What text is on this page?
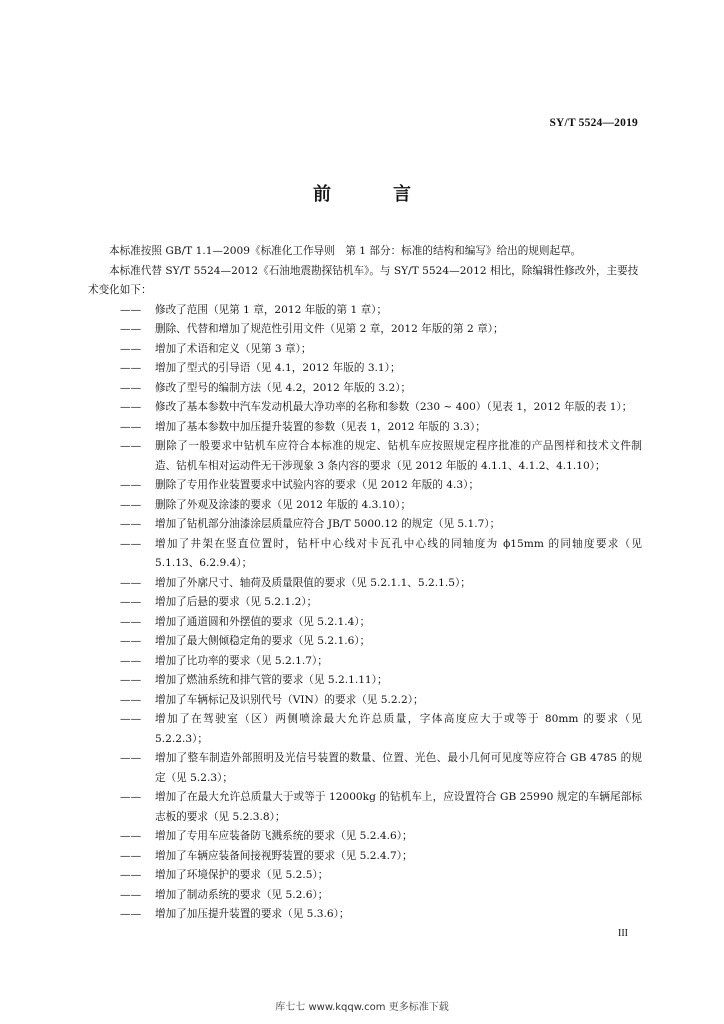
SY/T 5524—2019
前　言

本标准按照 GB/T 1.1—2009《标准化工作导则　第 1 部分：标准的结构和编写》给出的规则起草。

本标准代替 SY/T 5524—2012《石油地震勘探钻机车》。与 SY/T 5524—2012 相比，除编辑性修改外，主要技术变化如下：

——	修改了范围（见第 1 章，2012 年版的第 1 章）；
——	删除、代替和增加了规范性引用文件（见第 2 章，2012 年版的第 2 章）；
——	增加了术语和定义（见第 3 章）；
——	增加了型式的引导语（见 4.1，2012 年版的 3.1）；
——	修改了型号的编制方法（见 4.2，2012 年版的 3.2）；
——	修改了基本参数中汽车发动机最大净功率的名称和参数（230 ~ 400）（见表 1，2012 年版的表 1）；
——	增加了基本参数中加压提升装置的参数（见表 1，2012 年版的 3.3）；
——	删除了一般要求中钻机车应符合本标准的规定、钻机车应按照规定程序批准的产品图样和技术文件制造、钻机车相对运动件无干涉现象 3 条内容的要求（见 2012 年版的 4.1.1、4.1.2、4.1.10）；
——	删除了专用作业装置要求中试验内容的要求（见 2012 年版的 4.3）；
——	删除了外观及涂漆的要求（见 2012 年版的 4.3.10）；
——	增加了钻机部分油漆涂层质量应符合 JB/T 5000.12 的规定（见 5.1.7）；
——	增加了井架在竖直位置时，钻杆中心线对卡瓦孔中心线的同轴度为 ϕ15mm 的同轴度要求（见 5.1.13、6.2.9.4）；
——	增加了外廓尺寸、轴荷及质量限值的要求（见 5.2.1.1、5.2.1.5）；
——	增加了后悬的要求（见 5.2.1.2）；
——	增加了通道圆和外摆值的要求（见 5.2.1.4）；
——	增加了最大侧倾稳定角的要求（见 5.2.1.6）；
——	增加了比功率的要求（见 5.2.1.7）；
——	增加了燃油系统和排气管的要求（见 5.2.1.11）；
——	增加了车辆标记及识别代号（VIN）的要求（见 5.2.2）；
——	增加了在驾驶室（区）两侧喷涂最大允许总质量，字体高度应大于或等于 80mm 的要求（见 5.2.2.3）；
——	增加了整车制造外部照明及光信号装置的数量、位置、光色、最小几何可见度等应符合 GB 4785 的规定（见 5.2.3）；
——	增加了在最大允许总质量大于或等于 12000kg 的钻机车上，应设置符合 GB 25990 规定的车辆尾部标志板的要求（见 5.2.3.8）；
——	增加了专用车应装备防飞溅系统的要求（见 5.2.4.6）；
——	增加了车辆应装备间接视野装置的要求（见 5.2.4.7）；
——	增加了环境保护的要求（见 5.2.5）；
——	增加了制动系统的要求（见 5.2.6）；
——	增加了加压提升装置的要求（见 5.3.6）；
III
库七七 www.kqqw.com 更多标准下载
